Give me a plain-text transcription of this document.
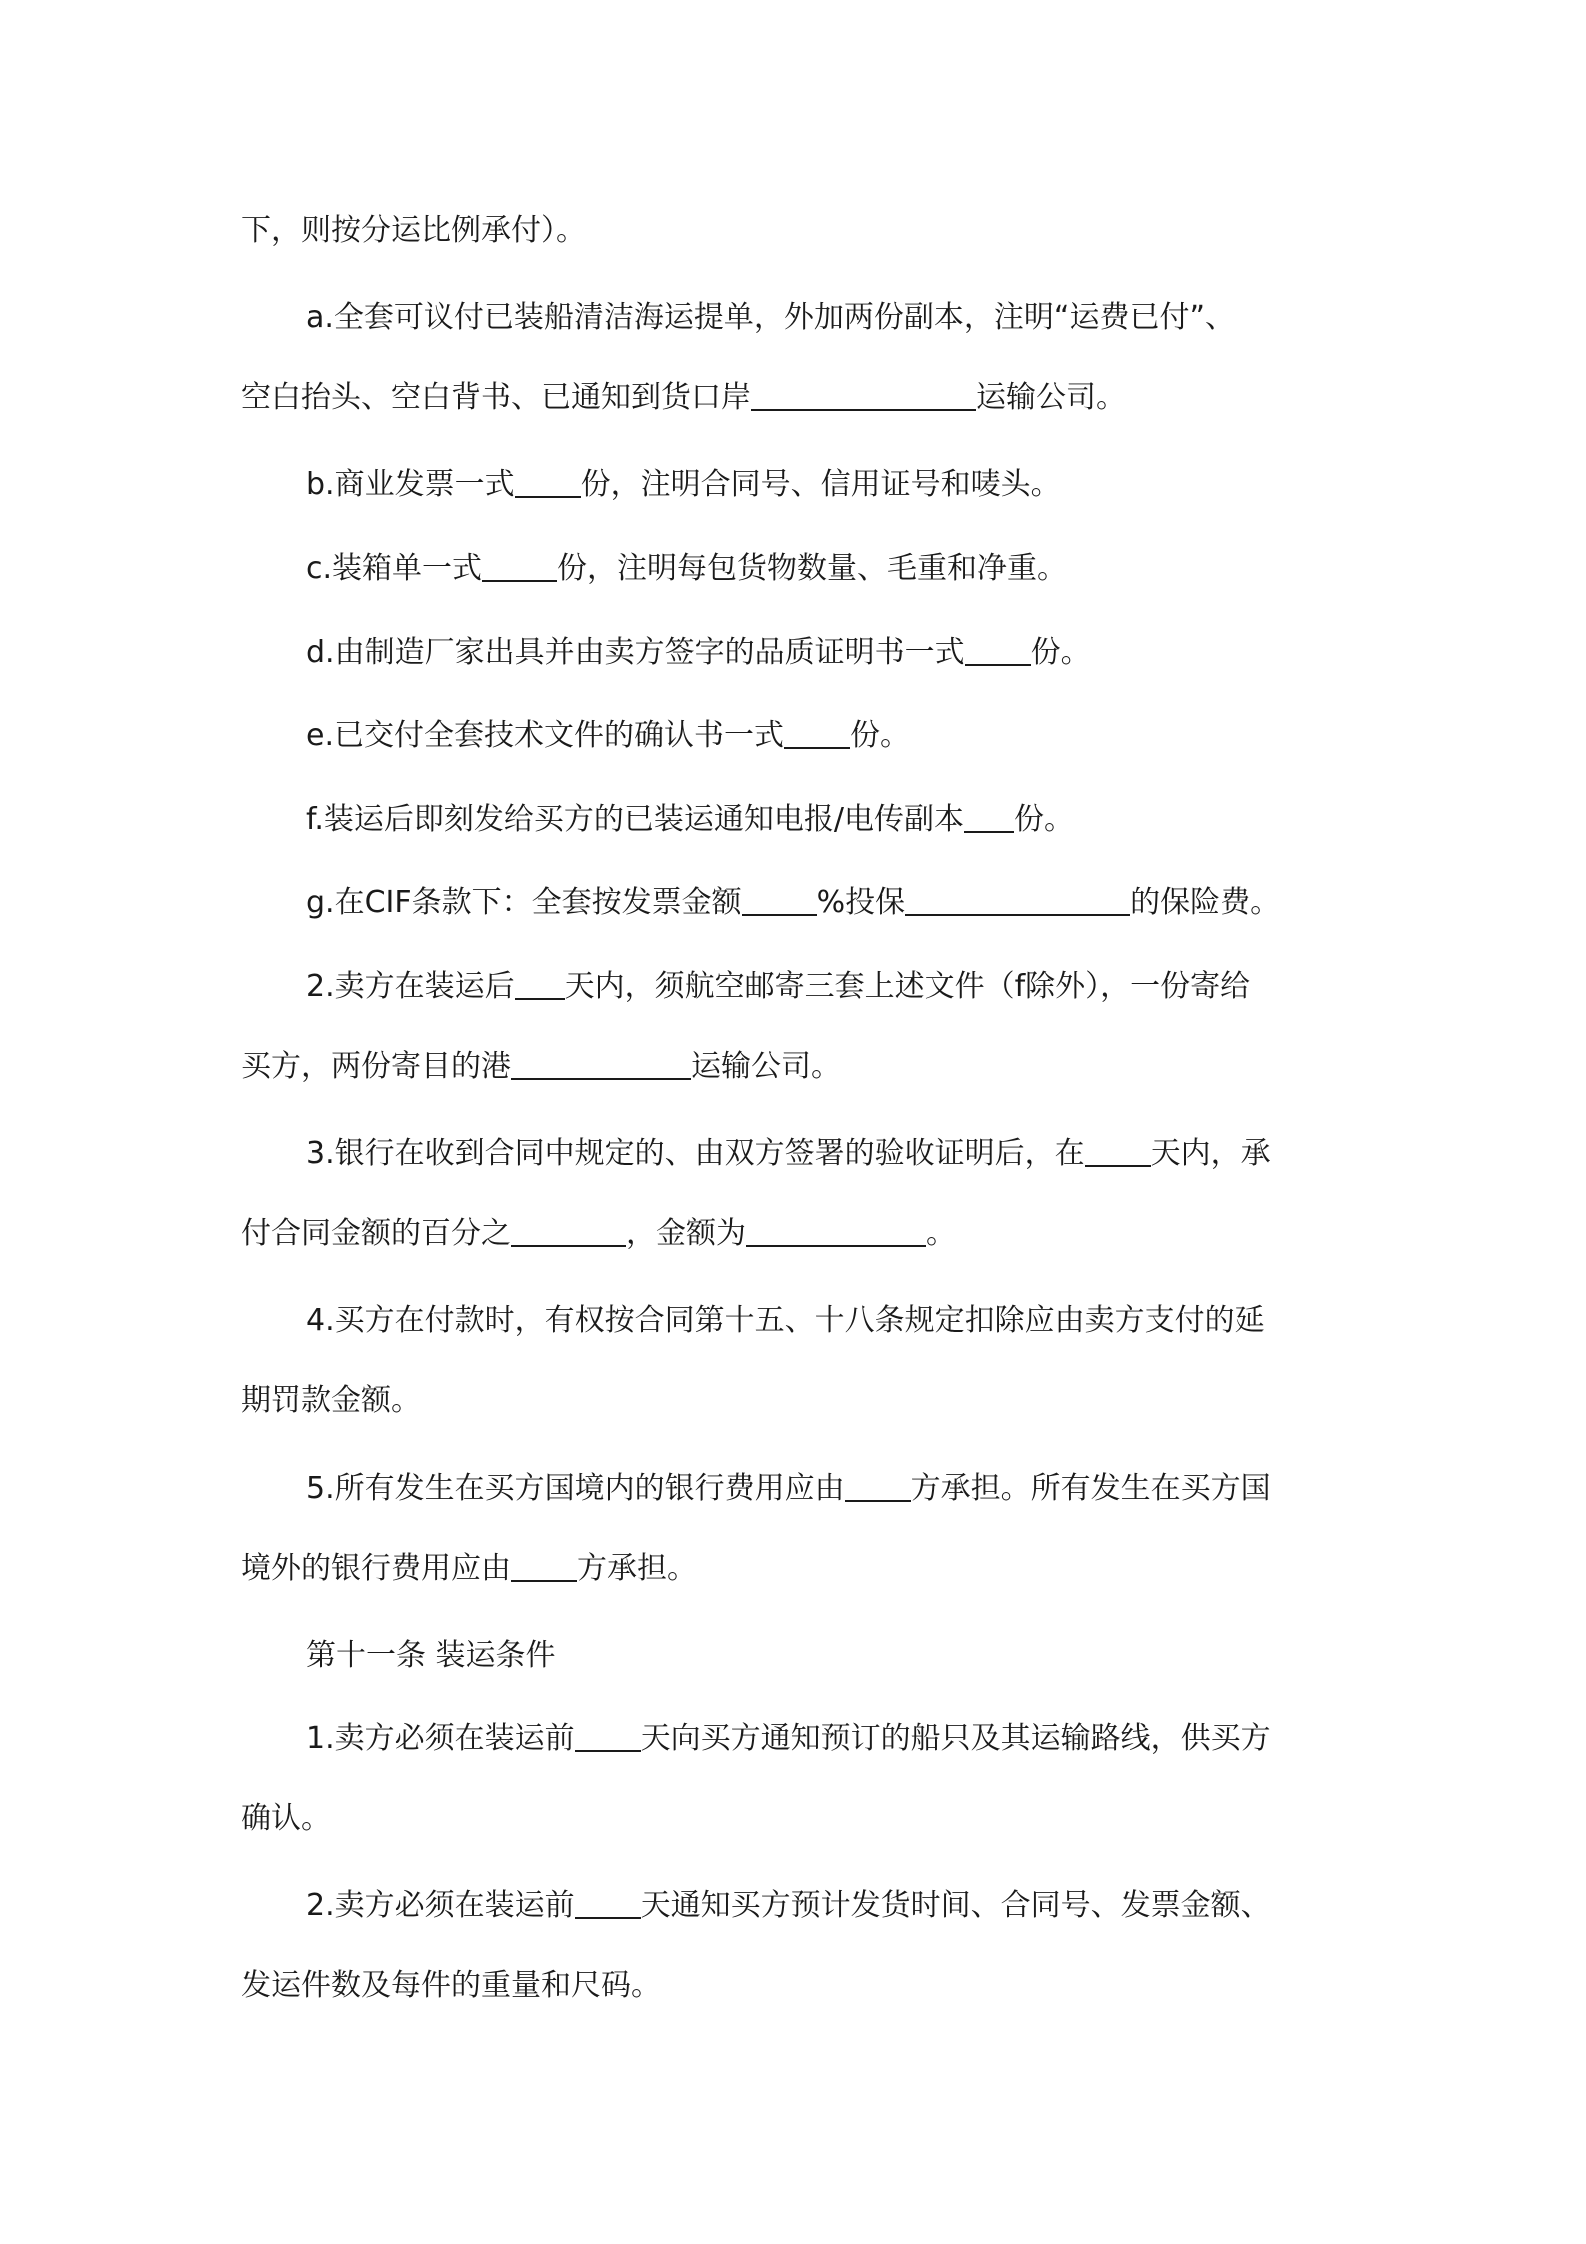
下，则按分运比例承付）。

a.全套可议付已装船清洁海运提单，外加两份副本，注明“运费已付”、
空白抬头、空白背书、已通知到货口岸	运输公司。

b.商业发票一式 份，注明合同号、信用证号和唛头。

c.装箱单一式	份，注明每包货物数量、毛重和净重。

d.由制造厂家出具并由卖方签字的品质证明书一式 份。

e.已交付全套技术文件的确认书一式 份。

f.装运后即刻发给买方的已装运通知电报/电传副本 份。

g.在CIF条款下：全套按发票金额	%投保	的保险费。

2.卖方在装运后 天内，须航空邮寄三套上述文件（f除外），一份寄给
买方，两份寄目的港	运输公司。

3.银行在收到合同中规定的、由双方签署的验收证明后，在 天内，承
付合同金额的百分之	，金额为	。

4.买方在付款时，有权按合同第十五、十八条规定扣除应由卖方支付的延
期罚款金额。

5.所有发生在买方国境内的银行费用应由 方承担。所有发生在买方国
境外的银行费用应由 方承担。

第十一条 装运条件

1.卖方必须在装运前 天向买方通知预订的船只及其运输路线，供买方
确认。

2.卖方必须在装运前 天通知买方预计发货时间、合同号、发票金额、
发运件数及每件的重量和尺码。
